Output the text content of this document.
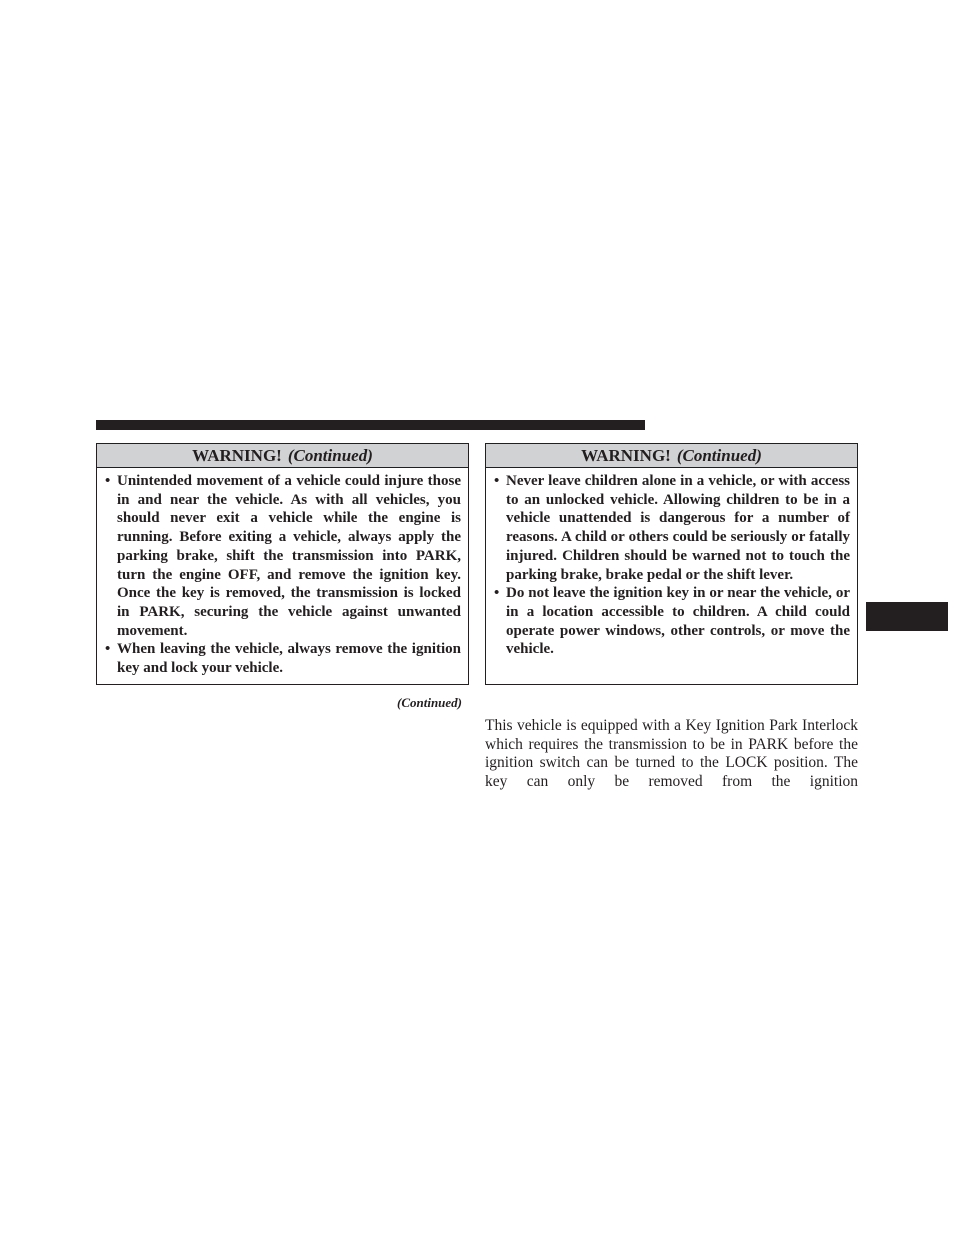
WARNING! (Continued)
• Unintended movement of a vehicle could injure those in and near the vehicle. As with all vehicles, you should never exit a vehicle while the engine is running. Before exiting a vehicle, always apply the parking brake, shift the transmission into PARK, turn the engine OFF, and remove the ignition key. Once the key is removed, the transmission is locked in PARK, securing the vehicle against unwanted movement.
• When leaving the vehicle, always remove the ignition key and lock your vehicle.
(Continued)
WARNING! (Continued)
• Never leave children alone in a vehicle, or with access to an unlocked vehicle. Allowing children to be in a vehicle unattended is dangerous for a number of reasons. A child or others could be seriously or fatally injured. Children should be warned not to touch the parking brake, brake pedal or the shift lever.
• Do not leave the ignition key in or near the vehicle, or in a location accessible to children. A child could operate power windows, other controls, or move the vehicle.
This vehicle is equipped with a Key Ignition Park Interlock which requires the transmission to be in PARK before the ignition switch can be turned to the LOCK position. The key can only be removed from the ignition
